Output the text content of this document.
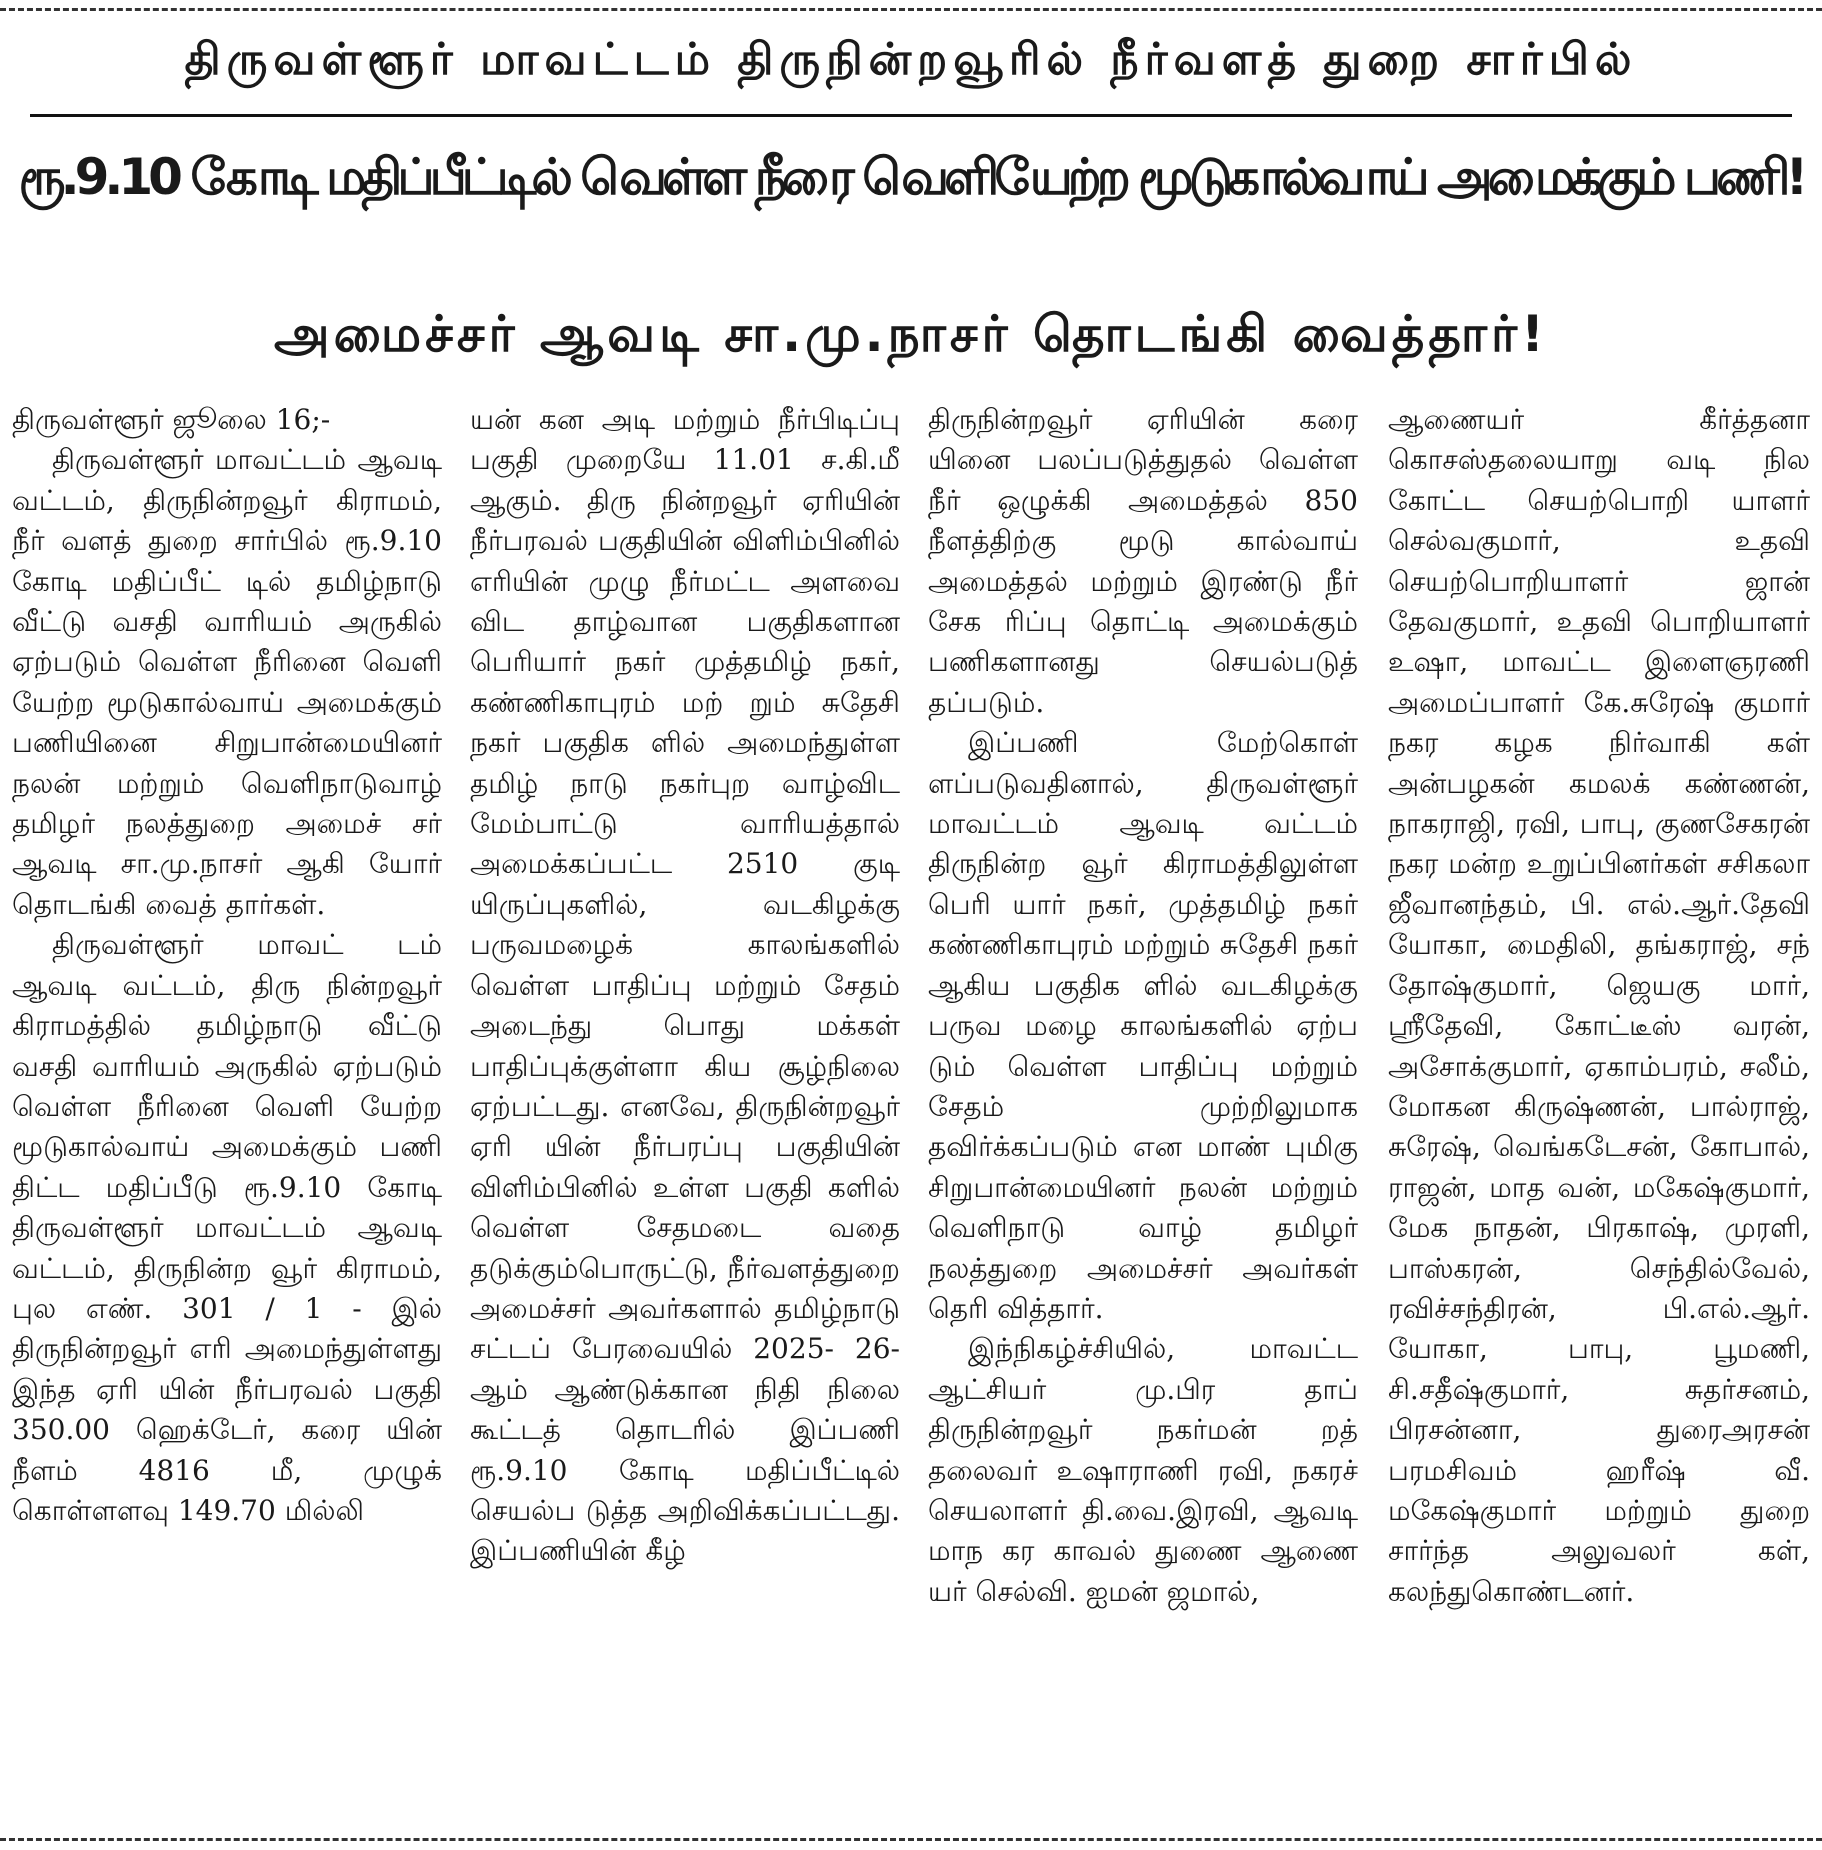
திருவள்ளூர் மாவட்டம் திருநின்றவூரில் நீர்வளத் துறை சார்பில்
ரூ.9.10 கோடி மதிப்பீட்டில் வெள்ள நீரை வெளியேற்ற மூடுகால்வாய் அமைக்கும் பணி!
அமைச்சர் ஆவடி சா.மு.நாசர் தொடங்கி வைத்தார்!

திருவள்ளூர் ஜூலை 16;-

திருவள்ளூர் மாவட்டம் ஆவடி வட்டம், திருநின்றவூர் கிராமம், நீர் வளத் துறை சார்பில் ரூ.9.10 கோடி மதிப்பீட் டில் தமிழ்நாடு வீட்டு வசதி வாரியம் அருகில் ஏற்படும் வெள்ள நீரினை வெளி யேற்ற மூடுகால்வாய் அமைக்கும் பணியினை சிறுபான்மையினர் நலன் மற்றும் வெளிநாடுவாழ் தமிழர் நலத்துறை அமைச் சர் ஆவடி சா.மு.நாசர் ஆகி யோர் தொடங்கி வைத் தார்கள்.

திருவள்ளூர் மாவட் டம் ஆவடி வட்டம், திரு நின்றவூர் கிராமத்தில் தமிழ்நாடு வீட்டு வசதி வாரியம் அருகில் ஏற்படும் வெள்ள நீரினை வெளி யேற்ற மூடுகால்வாய் அமைக்கும் பணி திட்ட மதிப்பீடு ரூ.9.10 கோடி திருவள்ளூர் மாவட்டம் ஆவடி வட்டம், திருநின்ற வூர் கிராமம், புல எண். 301 / 1 - இல் திருநின்றவூர் எரி அமைந்துள்ளது இந்த ஏரி யின் நீர்பரவல் பகுதி 350.00 ஹெக்டேர், கரை யின் நீளம் 4816 மீ, முழுக் கொள்ளளவு 149.70 மில்லி

யன் கன அடி மற்றும் நீர்பிடிப்பு பகுதி முறையே 11.01 ச.கி.மீ ஆகும். திரு நின்றவூர் ஏரியின் நீர்பரவல் பகுதியின் விளிம்பினில் எரியின் முழு நீர்மட்ட அளவை விட தாழ்வான பகுதிகளான பெரியார் நகர் முத்தமிழ் நகர், கண்ணிகாபுரம் மற் றும் சுதேசி நகர் பகுதிக ளில் அமைந்துள்ள தமிழ் நாடு நகர்புற வாழ்விட மேம்பாட்டு வாரியத்தால் அமைக்கப்பட்ட 2510 குடி யிருப்புகளில், வடகிழக்கு பருவமழைக் காலங்களில் வெள்ள பாதிப்பு மற்றும் சேதம் அடைந்து பொது மக்கள் பாதிப்புக்குள்ளா கிய சூழ்நிலை ஏற்பட்டது. எனவே, திருநின்றவூர் ஏரி யின் நீர்பரப்பு பகுதியின் விளிம்பினில் உள்ள பகுதி களில் வெள்ள சேதமடை வதை தடுக்கும்பொருட்டு, நீர்வளத்துறை அமைச்சர் அவர்களால் தமிழ்நாடு சட்டப் பேரவையில் 2025- 26-ஆம் ஆண்டுக்கான நிதி நிலை கூட்டத் தொடரில் இப்பணி ரூ.9.10 கோடி மதிப்பீட்டில் செயல்ப டுத்த அறிவிக்கப்பட்டது. இப்பணியின் கீழ்

திருநின்றவூர் ஏரியின் கரை யினை பலப்படுத்துதல் வெள்ள நீர் ஒழுக்கி அமைத்தல் 850 நீளத்திற்கு மூடு கால்வாய் அமைத்தல் மற்றும் இரண்டு நீர் சேக ரிப்பு தொட்டி அமைக்கும் பணிகளானது செயல்படுத் தப்படும்.

இப்பணி மேற்கொள் ளப்படுவதினால், திருவள்ளூர் மாவட்டம் ஆவடி வட்டம் திருநின்ற வூர் கிராமத்திலுள்ள பெரி யார் நகர், முத்தமிழ் நகர் கண்ணிகாபுரம் மற்றும் சுதேசி நகர் ஆகிய பகுதிக ளில் வடகிழக்கு பருவ மழை காலங்களில் ஏற்ப டும் வெள்ள பாதிப்பு மற்றும் சேதம் முற்றிலுமாக தவிர்க்கப்படும் என மாண் புமிகு சிறுபான்மையினர் நலன் மற்றும் வெளிநாடு வாழ் தமிழர் நலத்துறை அமைச்சர் அவர்கள் தெரி வித்தார்.

இந்நிகழ்ச்சியில், மாவட்ட ஆட்சியர் மு.பிர தாப் திருநின்றவூர் நகர்மன் றத் தலைவர் உஷாராணி ரவி, நகரச் செயலாளர் தி.வை.இரவி, ஆவடி மாந கர காவல் துணை ஆணை யர் செல்வி. ஐமன் ஜமால்,

ஆணையர் கீர்த்தனா கொசஸ்தலையாறு வடி நில கோட்ட செயற்பொறி யாளர் செல்வகுமார், உதவி செயற்பொறியாளர் ஜான் தேவகுமார், உதவி பொறியாளர் உஷா, மாவட்ட இளைஞரணி அமைப்பாளர் கே.சுரேஷ் குமார் நகர கழக நிர்வாகி கள் அன்பழகன் கமலக் கண்ணன், நாகராஜி, ரவி, பாபு, குணசேகரன் நகர மன்ற உறுப்பினர்கள் சசிகலா ஜீவானந்தம், பி. எல்.ஆர்.தேவி யோகா, மைதிலி, தங்கராஜ், சந் தோஷ்குமார், ஜெயகு மார், ஸ்ரீதேவி, கோட்டீஸ் வரன், அசோக்குமார், ஏகாம்பரம், சலீம், மோகன கிருஷ்ணன், பால்ராஜ், சுரேஷ், வெங்கடேசன், கோபால், ராஜன், மாத வன், மகேஷ்குமார், மேக நாதன், பிரகாஷ், முரளி, பாஸ்கரன், செந்தில்வேல், ரவிச்சந்திரன், பி.எல்.ஆர். யோகா, பாபு, பூமணி, சி.சதீஷ்குமார், சுதர்சனம், பிரசன்னா, துரைஅரசன் பரமசிவம் ஹரீஷ் வீ. மகேஷ்குமார் மற்றும் துறை சார்ந்த அலுவலர் கள், கலந்துகொண்டனர்.
